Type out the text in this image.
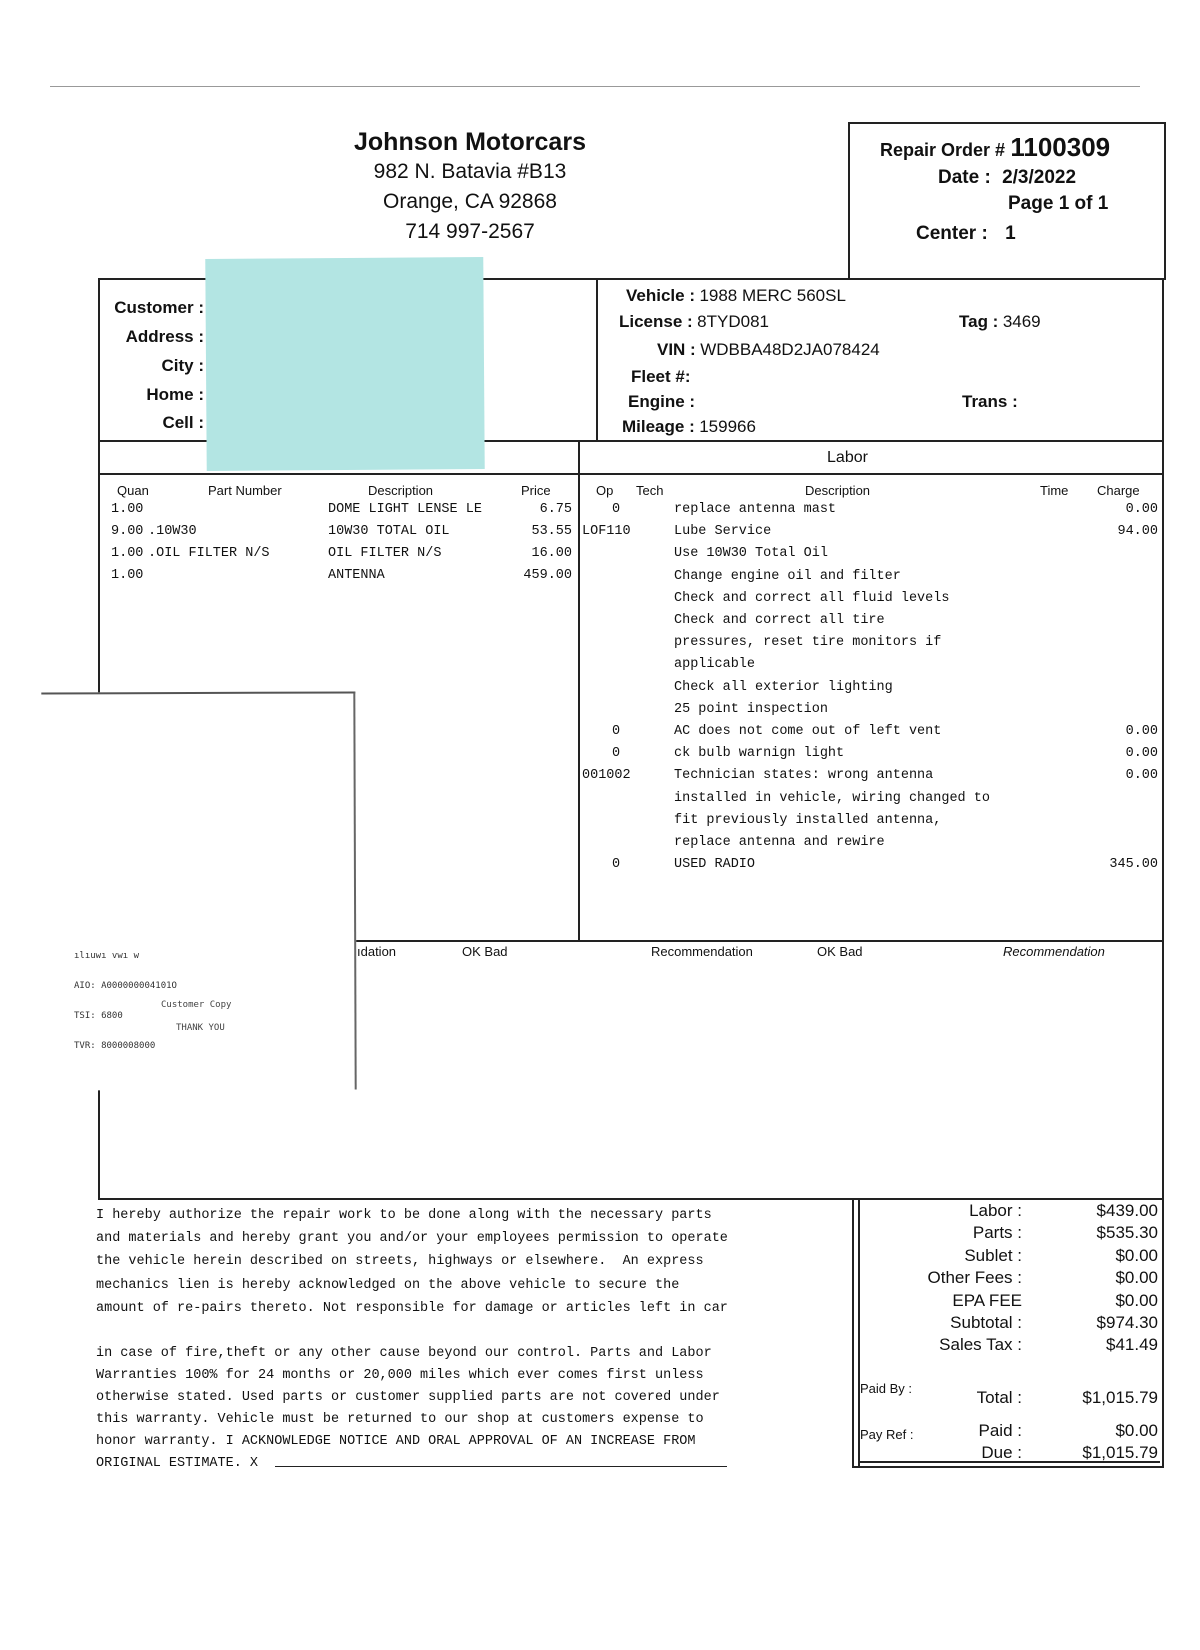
Johnson Motorcars
982 N. Batavia #B13
Orange, CA 92868
714 997-2567
Repair Order # 1100309
Date : 2/3/2022
Page 1 of 1
Center : 1
Customer :
Address :
City :
Home :
Cell :
Vehicle : 1988 MERC 560SL
License : 8TYD081	Tag : 3469
VIN : WDBBA48D2JA078424
Fleet #:
Engine :	Trans :
Mileage : 159966
Labor
Quan	Part Number	Description	Price
1.00	DOME LIGHT LENSE LE	6.75
9.00 .10W30	10W30 TOTAL OIL	53.55
1.00 .OIL FILTER N/S	OIL FILTER N/S	16.00
1.00	ANTENNA	459.00
Op Tech	Description	Time Charge
0	replace antenna mast	0.00
LOF110	Lube Service	94.00
Use 10W30 Total Oil
Change engine oil and filter
Check and correct all fluid levels
Check and correct all tire
pressures, reset tire monitors if
applicable
Check all exterior lighting
25 point inspection
0	AC does not come out of left vent	0.00
0	ck bulb warnign light	0.00
001002	Technician states: wrong antenna	0.00
installed in vehicle, wiring changed to
fit previously installed antenna,
replace antenna and rewire
0	USED RADIO	345.00
ıdation	OK Bad	Recommendation	OK Bad	Recommendation

ılıuwı vwı w

AIO: A000000004101O

TSI: 6800

TVR: 8000008000

Customer Copy
THANK YOU
I hereby authorize the repair work to be done along with the necessary parts
and materials and hereby grant you and/or your employees permission to operate
the vehicle herein described on streets, highways or elsewhere.  An express
mechanics lien is hereby acknowledged on the above vehicle to secure the
amount of re-pairs thereto. Not responsible for damage or articles left in car
in case of fire,theft or any other cause beyond our control. Parts and Labor
Warranties 100% for 24 months or 20,000 miles which ever comes first unless
otherwise stated. Used parts or customer supplied parts are not covered under
this warranty. Vehicle must be returned to our shop at customers expense to
honor warranty. I ACKNOWLEDGE NOTICE AND ORAL APPROVAL OF AN INCREASE FROM
ORIGINAL ESTIMATE. X
Labor :	$439.00
Parts :	$535.30
Sublet :	$0.00
Other Fees :	$0.00
EPA FEE	$0.00
Subtotal :	$974.30
Sales Tax :	$41.49
Paid By :	Total :	$1,015.79
Pay Ref :	Paid :	$0.00
Due :	$1,015.79
